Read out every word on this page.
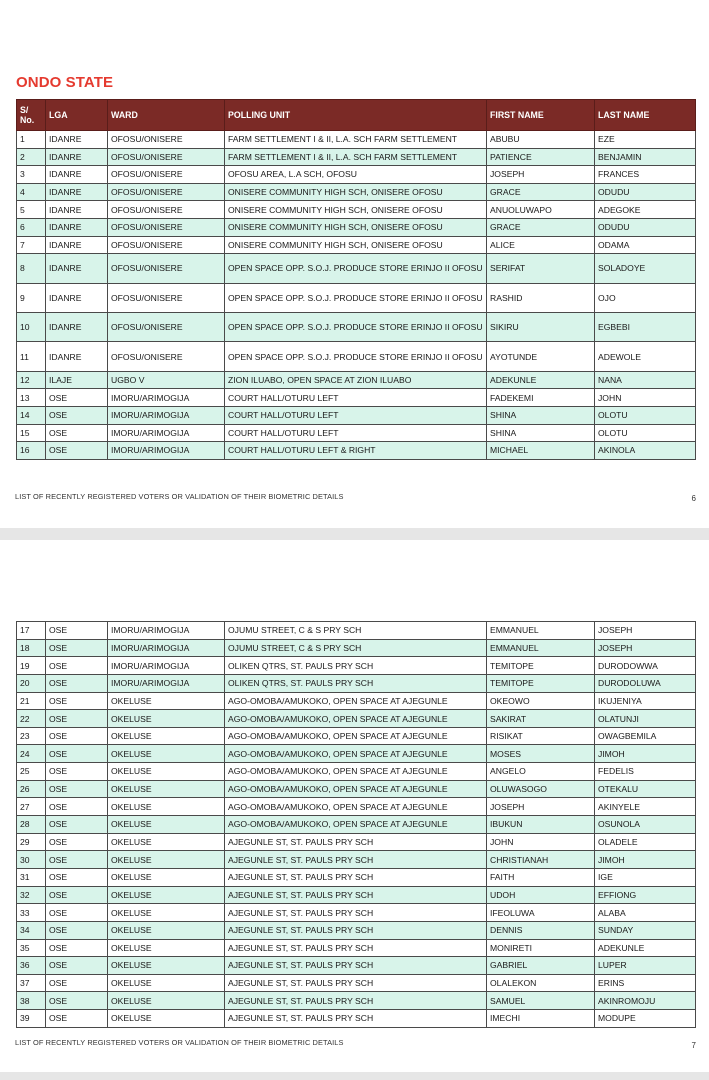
ONDO STATE
S/ No.	LGA	WARD	POLLING UNIT	FIRST NAME	LAST NAME
1	IDANRE	OFOSU/ONISERE	FARM SETTLEMENT I & II, L.A. SCH FARM SETTLEMENT	ABUBU	EZE
2	IDANRE	OFOSU/ONISERE	FARM SETTLEMENT I & II, L.A. SCH FARM SETTLEMENT	PATIENCE	BENJAMIN
3	IDANRE	OFOSU/ONISERE	OFOSU AREA, L.A SCH, OFOSU	JOSEPH	FRANCES
4	IDANRE	OFOSU/ONISERE	ONISERE COMMUNITY HIGH SCH, ONISERE OFOSU	GRACE	ODUDU
5	IDANRE	OFOSU/ONISERE	ONISERE COMMUNITY HIGH SCH, ONISERE OFOSU	ANUOLUWAPO	ADEGOKE
6	IDANRE	OFOSU/ONISERE	ONISERE COMMUNITY HIGH SCH, ONISERE OFOSU	GRACE	ODUDU
7	IDANRE	OFOSU/ONISERE	ONISERE COMMUNITY HIGH SCH, ONISERE OFOSU	ALICE	ODAMA
8	IDANRE	OFOSU/ONISERE	OPEN SPACE OPP. S.O.J. PRODUCE STORE ERINJO II OFOSU	SERIFAT	SOLADOYE
9	IDANRE	OFOSU/ONISERE	OPEN SPACE OPP. S.O.J. PRODUCE STORE ERINJO II OFOSU	RASHID	OJO
10	IDANRE	OFOSU/ONISERE	OPEN SPACE OPP. S.O.J. PRODUCE STORE ERINJO II OFOSU	SIKIRU	EGBEBI
11	IDANRE	OFOSU/ONISERE	OPEN SPACE OPP. S.O.J. PRODUCE STORE ERINJO II OFOSU	AYOTUNDE	ADEWOLE
12	ILAJE	UGBO V	ZION ILUABO, OPEN SPACE AT ZION ILUABO	ADEKUNLE	NANA
13	OSE	IMORU/ARIMOGIJA	COURT HALL/OTURU LEFT	FADEKEMI	JOHN
14	OSE	IMORU/ARIMOGIJA	COURT HALL/OTURU LEFT	SHINA	OLOTU
15	OSE	IMORU/ARIMOGIJA	COURT HALL/OTURU LEFT	SHINA	OLOTU
16	OSE	IMORU/ARIMOGIJA	COURT HALL/OTURU LEFT & RIGHT	MICHAEL	AKINOLA
LIST OF RECENTLY REGISTERED VOTERS OR VALIDATION OF THEIR BIOMETRIC DETAILS	6
17	OSE	IMORU/ARIMOGIJA	OJUMU STREET, C & S PRY SCH	EMMANUEL	JOSEPH
18	OSE	IMORU/ARIMOGIJA	OJUMU STREET, C & S PRY SCH	EMMANUEL	JOSEPH
19	OSE	IMORU/ARIMOGIJA	OLIKEN QTRS, ST. PAULS PRY SCH	TEMITOPE	DURODOWWA
20	OSE	IMORU/ARIMOGIJA	OLIKEN QTRS, ST. PAULS PRY SCH	TEMITOPE	DURODOLUWA
21	OSE	OKELUSE	AGO-OMOBA/AMUKOKO, OPEN SPACE AT AJEGUNLE	OKEOWO	IKUJENIYA
22	OSE	OKELUSE	AGO-OMOBA/AMUKOKO, OPEN SPACE AT AJEGUNLE	SAKIRAT	OLATUNJI
23	OSE	OKELUSE	AGO-OMOBA/AMUKOKO, OPEN SPACE AT AJEGUNLE	RISIKAT	OWAGBEMILA
24	OSE	OKELUSE	AGO-OMOBA/AMUKOKO, OPEN SPACE AT AJEGUNLE	MOSES	JIMOH
25	OSE	OKELUSE	AGO-OMOBA/AMUKOKO, OPEN SPACE AT AJEGUNLE	ANGELO	FEDELIS
26	OSE	OKELUSE	AGO-OMOBA/AMUKOKO, OPEN SPACE AT AJEGUNLE	OLUWASOGO	OTEKALU
27	OSE	OKELUSE	AGO-OMOBA/AMUKOKO, OPEN SPACE AT AJEGUNLE	JOSEPH	AKINYELE
28	OSE	OKELUSE	AGO-OMOBA/AMUKOKO, OPEN SPACE AT AJEGUNLE	IBUKUN	OSUNOLA
29	OSE	OKELUSE	AJEGUNLE ST, ST. PAULS PRY SCH	JOHN	OLADELE
30	OSE	OKELUSE	AJEGUNLE ST, ST. PAULS PRY SCH	CHRISTIANAH	JIMOH
31	OSE	OKELUSE	AJEGUNLE ST, ST. PAULS PRY SCH	FAITH	IGE
32	OSE	OKELUSE	AJEGUNLE ST, ST. PAULS PRY SCH	UDOH	EFFIONG
33	OSE	OKELUSE	AJEGUNLE ST, ST. PAULS PRY SCH	IFEOLUWA	ALABA
34	OSE	OKELUSE	AJEGUNLE ST, ST. PAULS PRY SCH	DENNIS	SUNDAY
35	OSE	OKELUSE	AJEGUNLE ST, ST. PAULS PRY SCH	MONIRETI	ADEKUNLE
36	OSE	OKELUSE	AJEGUNLE ST, ST. PAULS PRY SCH	GABRIEL	LUPER
37	OSE	OKELUSE	AJEGUNLE ST, ST. PAULS PRY SCH	OLALEKON	ERINS
38	OSE	OKELUSE	AJEGUNLE ST, ST. PAULS PRY SCH	SAMUEL	AKINROMOJU
39	OSE	OKELUSE	AJEGUNLE ST, ST. PAULS PRY SCH	IMECHI	MODUPE
LIST OF RECENTLY REGISTERED VOTERS OR VALIDATION OF THEIR BIOMETRIC DETAILS	7
